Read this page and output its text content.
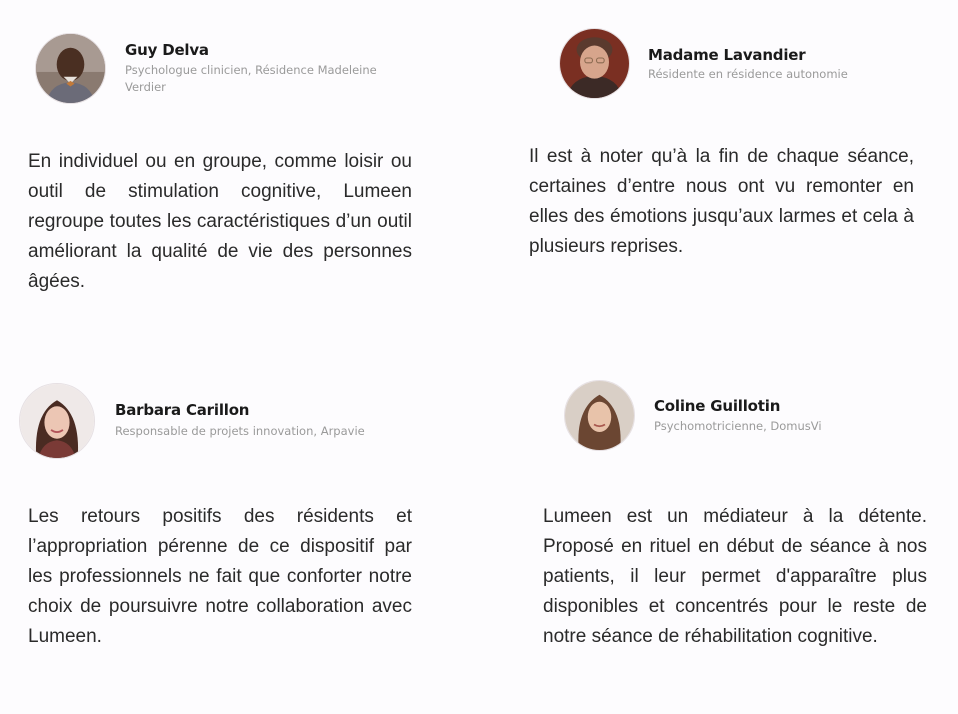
Guy Delva
Psychologue clinicien, Résidence Madeleine Verdier

En individuel ou en groupe, comme loisir ou outil de stimulation cognitive, Lumeen regroupe toutes les caractéristiques d’un outil améliorant la qualité de vie des personnes âgées.

Madame Lavandier
Résidente en résidence autonomie

Il est à noter qu’à la fin de chaque séance, certaines d’entre nous ont vu remonter en elles des émotions jusqu’aux larmes et cela à plusieurs reprises.

Barbara Carillon
Responsable de projets innovation, Arpavie

Les retours positifs des résidents et l’appropriation pérenne de ce dispositif par les professionnels ne fait que conforter notre choix de poursuivre notre collaboration avec Lumeen.

Coline Guillotin
Psychomotricienne, DomusVi

Lumeen est un médiateur à la détente. Proposé en rituel en début de séance à nos patients, il leur permet d'apparaître plus disponibles et concentrés pour le reste de notre séance de réhabilitation cognitive.
